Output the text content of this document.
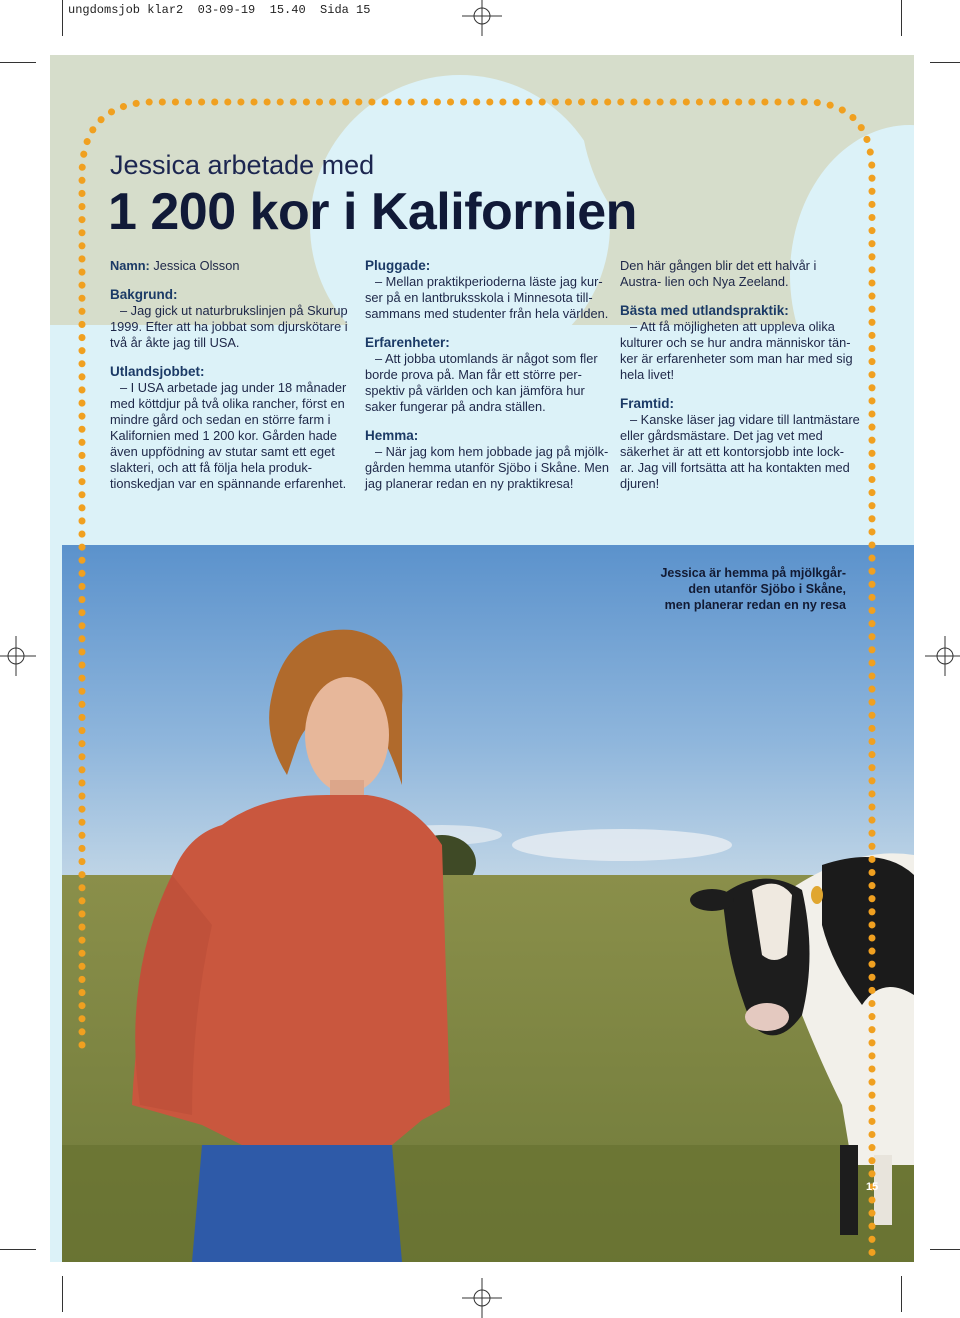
ungdomsjob klar2  03-09-19  15.40  Sida 15
Jessica är hemma på mjölkgår- den utanför Sjöbo i Skåne, men planerar redan en ny resa
15
Jessica arbetade med
1 200 kor i Kalifornien

Namn: Jessica Olsson

Bakgrund:

– Jag gick ut naturbrukslinjen på Skurup 1999. Efter att ha jobbat som djurskötare i två år åkte jag till USA.

Utlandsjobbet:

– I USA arbetade jag under 18 månader med köttdjur på två olika rancher, först en mindre gård och sedan en större farm i Kalifornien med 1 200 kor. Gården hade även uppfödning av stutar samt ett eget slakteri, och att få följa hela produk- tionskedjan var en spännande erfarenhet.

Pluggade:

– Mellan praktikperioderna läste jag kur- ser på en lantbruksskola i Minnesota till- sammans med studenter från hela världen.

Erfarenheter:

– Att jobba utomlands är något som fler borde prova på. Man får ett större per- spektiv på världen och kan jämföra hur saker fungerar på andra ställen.

Hemma:

– När jag kom hem jobbade jag på mjölk- gården hemma utanför Sjöbo i Skåne. Men jag planerar redan en ny praktikresa!

Den här gången blir det ett halvår i Austra- lien och Nya Zeeland.

Bästa med utlandspraktik:

– Att få möjligheten att uppleva olika kulturer och se hur andra människor tän- ker är erfarenheter som man har med sig hela livet!

Framtid:

– Kanske läser jag vidare till lantmästare eller gårdsmästare. Det jag vet med säkerhet är att ett kontorsjobb inte lock- ar. Jag vill fortsätta att ha kontakten med djuren!
